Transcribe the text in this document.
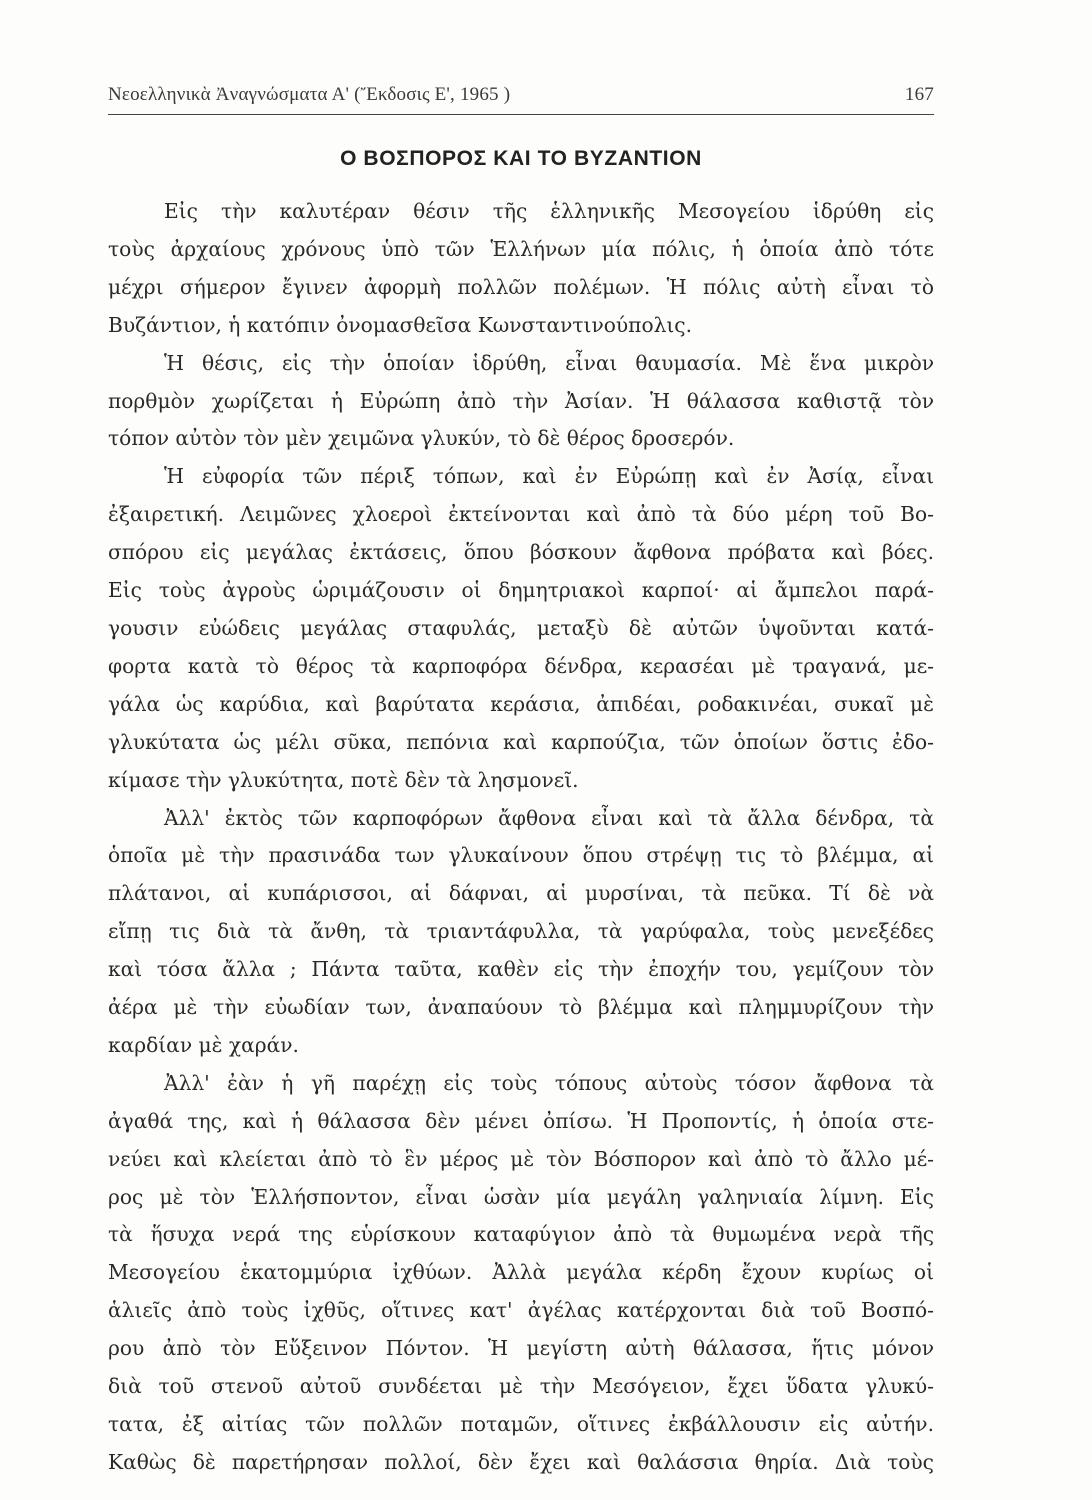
Νεοελληνικὰ Ἀναγνώσματα Α' (Ἔκδοσις Ε', 1965 )	167
Ο ΒΟΣΠΟΡΟΣ ΚΑΙ ΤΟ ΒΥΖΑΝΤΙΟΝ
Εἰς τὴν καλυτέραν θέσιν τῆς ἑλληνικῆς Μεσογείου ἱδρύθη εἰς
τοὺς ἀρχαίους χρόνους ὑπὸ τῶν Ἑλλήνων μία πόλις, ἡ ὁποία ἀπὸ τότε
μέχρι σήμερον ἔγινεν ἀφορμὴ πολλῶν πολέμων. Ἡ πόλις αὐτὴ εἶναι τὸ
Βυζάντιον, ἡ κατόπιν ὀνομασθεῖσα Κωνσταντινούπολις.
Ἡ θέσις, εἰς τὴν ὁποίαν ἱδρύθη, εἶναι θαυμασία. Μὲ ἕνα μικρὸν
πορθμὸν χωρίζεται ἡ Εὐρώπη ἀπὸ τὴν Ἀσίαν. Ἡ θάλασσα καθιστᾷ τὸν
τόπον αὐτὸν τὸν μὲν χειμῶνα γλυκύν, τὸ δὲ θέρος δροσερόν.
Ἡ εὐφορία τῶν πέριξ τόπων, καὶ ἐν Εὐρώπῃ καὶ ἐν Ἀσίᾳ, εἶναι
ἐξαιρετική. Λειμῶνες χλοεροὶ ἐκτείνονται καὶ ἀπὸ τὰ δύο μέρη τοῦ Βο-
σπόρου εἰς μεγάλας ἐκτάσεις, ὅπου βόσκουν ἄφθονα πρόβατα καὶ βόες.
Εἰς τοὺς ἀγροὺς ὡριμάζουσιν οἱ δημητριακοὶ καρποί· αἱ ἄμπελοι παρά-
γουσιν εὐώδεις μεγάλας σταφυλάς, μεταξὺ δὲ αὐτῶν ὑψοῦνται κατά-
φορτα κατὰ τὸ θέρος τὰ καρποφόρα δένδρα, κερασέαι μὲ τραγανά, με-
γάλα ὡς καρύδια, καὶ βαρύτατα κεράσια, ἀπιδέαι, ροδακινέαι, συκαῖ μὲ
γλυκύτατα ὡς μέλι σῦκα, πεπόνια καὶ καρπούζια, τῶν ὁποίων ὅστις ἐδο-
κίμασε τὴν γλυκύτητα, ποτὲ δὲν τὰ λησμονεῖ.
Ἀλλ' ἐκτὸς τῶν καρποφόρων ἄφθονα εἶναι καὶ τὰ ἄλλα δένδρα, τὰ
ὁποῖα μὲ τὴν πρασινάδα των γλυκαίνουν ὅπου στρέψῃ τις τὸ βλέμμα, αἱ
πλάτανοι, αἱ κυπάρισσοι, αἱ δάφναι, αἱ μυρσίναι, τὰ πεῦκα. Τί δὲ νὰ
εἴπῃ τις διὰ τὰ ἄνθη, τὰ τριαντάφυλλα, τὰ γαρύφαλα, τοὺς μενεξέδες
καὶ τόσα ἄλλα ; Πάντα ταῦτα, καθὲν εἰς τὴν ἐποχήν του, γεμίζουν τὸν
ἀέρα μὲ τὴν εὐωδίαν των, ἀναπαύουν τὸ βλέμμα καὶ πλημμυρίζουν τὴν
καρδίαν μὲ χαράν.
Ἀλλ' ἐὰν ἡ γῆ παρέχῃ εἰς τοὺς τόπους αὐτοὺς τόσον ἄφθονα τὰ
ἀγαθά της, καὶ ἡ θάλασσα δὲν μένει ὀπίσω. Ἡ Προποντίς, ἡ ὁποία στε-
νεύει καὶ κλείεται ἀπὸ τὸ ἓν μέρος μὲ τὸν Βόσπορον καὶ ἀπὸ τὸ ἄλλο μέ-
ρος μὲ τὸν Ἑλλήσποντον, εἶναι ὡσὰν μία μεγάλη γαληνιαία λίμνη. Εἰς
τὰ ἥσυχα νερά της εὑρίσκουν καταφύγιον ἀπὸ τὰ θυμωμένα νερὰ τῆς
Μεσογείου ἑκατομμύρια ἰχθύων. Ἀλλὰ μεγάλα κέρδη ἔχουν κυρίως οἱ
ἁλιεῖς ἀπὸ τοὺς ἰχθῦς, οἵτινες κατ' ἀγέλας κατέρχονται διὰ τοῦ Βοσπό-
ρου ἀπὸ τὸν Εὔξεινον Πόντον. Ἡ μεγίστη αὐτὴ θάλασσα, ἥτις μόνον
διὰ τοῦ στενοῦ αὐτοῦ συνδέεται μὲ τὴν Μεσόγειον, ἔχει ὕδατα γλυκύ-
τατα, ἐξ αἰτίας τῶν πολλῶν ποταμῶν, οἵτινες ἐκβάλλουσιν εἰς αὐτήν.
Καθὼς δὲ παρετήρησαν πολλοί, δὲν ἔχει καὶ θαλάσσια θηρία. Διὰ τοὺς
